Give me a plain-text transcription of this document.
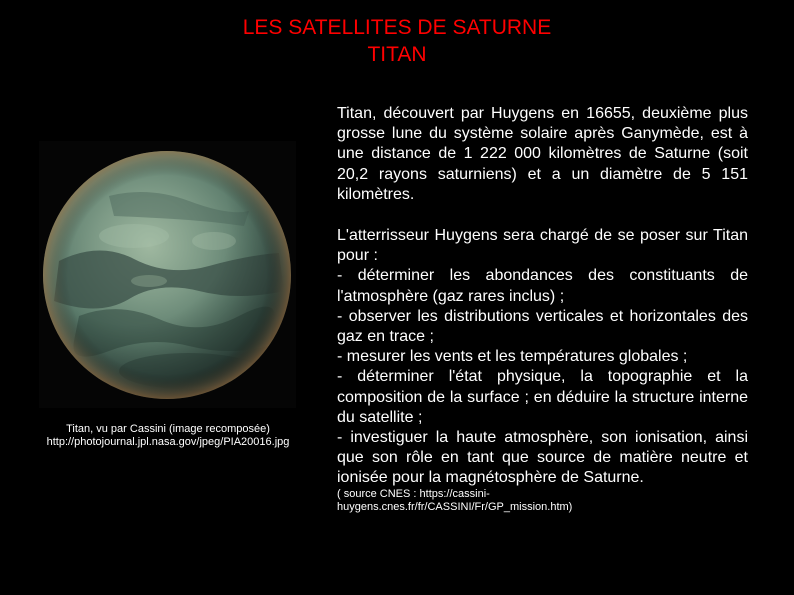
LES SATELLITES DE SATURNE
TITAN
Titan, vu par Cassini (image recomposée)
http://photojournal.jpl.nasa.gov/jpeg/PIA20016.jpg
Titan, découvert par Huygens en 16655, deuxième plus grosse lune du système solaire après Ganymède, est à une distance de 1 222 000 kilomètres de Saturne (soit 20,2 rayons saturniens) et a un diamètre de 5 151 kilomètres.
L'atterrisseur Huygens sera chargé de se poser sur Titan pour :
- déterminer les abondances des constituants de l'atmosphère (gaz rares inclus) ;
- observer les distributions verticales et horizontales des gaz en trace ;
- mesurer les vents et les températures globales ;
- déterminer l'état physique, la topographie et la composition de la surface ; en déduire la structure interne du satellite ;
- investiguer la haute atmosphère, son ionisation, ainsi que son rôle en tant que source de matière neutre et ionisée pour la magnétosphère de Saturne.
( source CNES : https://cassini-
huygens.cnes.fr/fr/CASSINI/Fr/GP_mission.htm)
